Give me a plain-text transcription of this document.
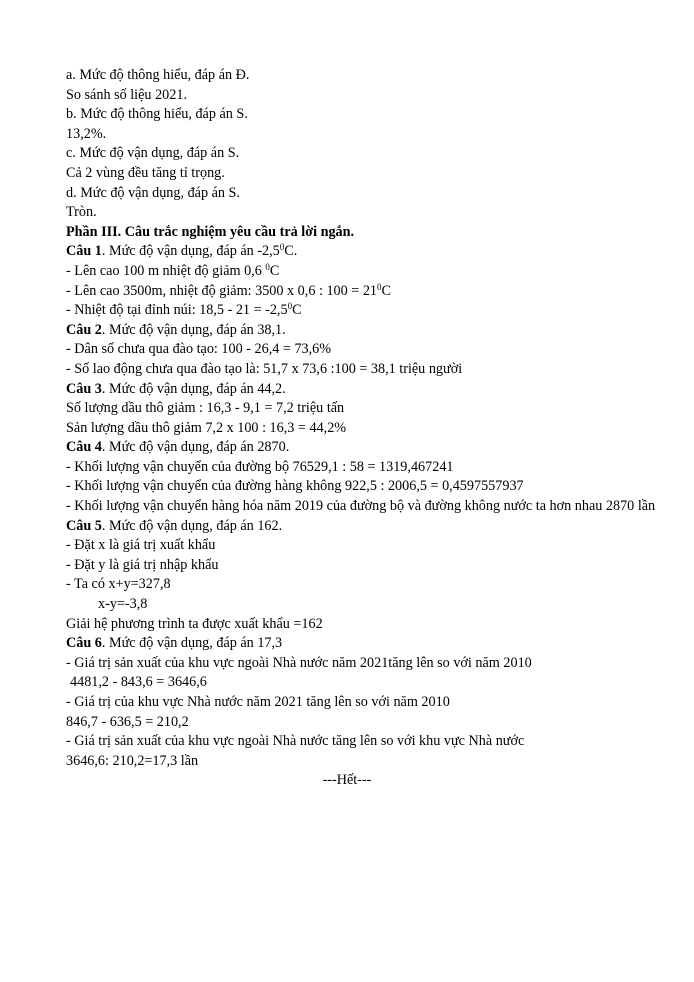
a. Mức độ thông hiểu, đáp án Đ.
So sánh số liệu 2021.
b. Mức độ thông hiểu, đáp án S.
13,2%.
c. Mức độ vận dụng, đáp án S.
Cả 2 vùng đều tăng tỉ trọng.
d. Mức độ vận dụng, đáp án S.
Tròn.
Phần III. Câu trắc nghiệm yêu cầu trả lời ngắn.
Câu 1. Mức độ vận dụng, đáp án $-2,5^0C$.
- Lên cao 100 m nhiệt độ giảm 0,6 $^0$C
- Lên cao 3500m, nhiệt độ giảm: 3500 x 0,6 : $100 = 21^0C$
- Nhiệt độ tại đỉnh núi: $18,5 - 21 = -2,5^0C$
Câu 2. Mức độ vận dụng, đáp án 38,1.
- Dân số chưa qua đào tạo: 100 - 26,4 = 73,6%
- Số lao động chưa qua đào tạo là: 51,7 x 73,6 :100 = 38,1 triệu người
Câu 3. Mức độ vận dụng, đáp án 44,2.
Số lượng dầu thô giảm : 16,3 - 9,1 = 7,2 triệu tấn
Sản lượng dầu thô giảm 7,2 x 100 : 16,3 = 44,2%
Câu 4. Mức độ vận dụng, đáp án 2870.
- Khối lượng vận chuyển của đường bộ 76529,1 : 58 = 1319,467241
- Khối lượng vận chuyển của đường hàng không 922,5 : 2006,5 = 0,4597557937
- Khối lượng vận chuyển hàng hóa năm 2019 của đường bộ và đường không nước ta hơn nhau 2870 lần
Câu 5. Mức độ vận dụng, đáp án 162.
- Đặt x là giá trị xuất khẩu
- Đặt y là giá trị nhập khẩu
- Ta có x+y=327,8
x-y=-3,8
Giải hệ phương trình ta được xuất khẩu =162
Câu 6. Mức độ vận dụng, đáp án 17,3
- Giá trị sản xuất của khu vực ngoài Nhà nước năm 2021tăng lên so với năm 2010
4481,2 - 843,6 = 3646,6
- Giá trị của khu vực Nhà nước năm 2021 tăng lên so với năm 2010
846,7 - 636,5 = 210,2
- Giá trị sản xuất của khu vực ngoài Nhà nước tăng lên so với khu vực Nhà nước
3646,6: 210,2=17,3 lần
---Hết---
